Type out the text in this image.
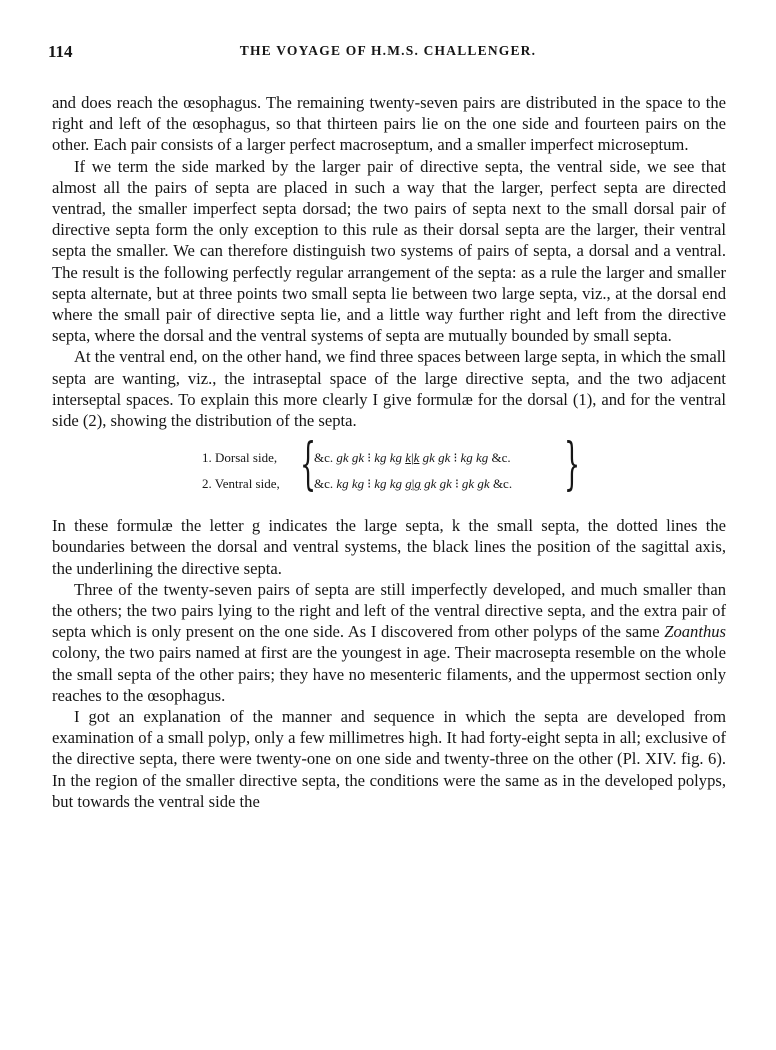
114	THE VOYAGE OF H.M.S. CHALLENGER.

and does reach the œsophagus. The remaining twenty-seven pairs are distributed in the space to the right and left of the œsophagus, so that thirteen pairs lie on the one side and fourteen pairs on the other. Each pair consists of a larger perfect macroseptum, and a smaller imperfect microseptum.

If we term the side marked by the larger pair of directive septa, the ventral side, we see that almost all the pairs of septa are placed in such a way that the larger, perfect septa are directed ventrad, the smaller imperfect septa dorsad; the two pairs of septa next to the small dorsal pair of directive septa form the only exception to this rule as their dorsal septa are the larger, their ventral septa the smaller. We can therefore distinguish two systems of pairs of septa, a dorsal and a ventral. The result is the following perfectly regular arrangement of the septa: as a rule the larger and smaller septa alternate, but at three points two small septa lie between two large septa, viz., at the dorsal end where the small pair of directive septa lie, and a little way further right and left from the directive septa, where the dorsal and the ventral systems of septa are mutually bounded by small septa.

At the ventral end, on the other hand, we find three spaces between large septa, in which the small septa are wanting, viz., the intraseptal space of the large directive septa, and the two adjacent interseptal spaces. To explain this more clearly I give formulæ for the dorsal (1), and for the ventral side (2), showing the distribution of the septa.

{	}
1. Dorsal side,	&c. gk gk ⁝ kg kg k|k gk gk ⁝ kg kg &c.
2. Ventral side,	&c. kg kg ⁝ kg kg g|g gk gk ⁝ gk gk &c.

In these formulæ the letter g indicates the large septa, k the small septa, the dotted lines the boundaries between the dorsal and ventral systems, the black lines the position of the sagittal axis, the underlining the directive septa.

Three of the twenty-seven pairs of septa are still imperfectly developed, and much smaller than the others; the two pairs lying to the right and left of the ventral directive septa, and the extra pair of septa which is only present on the one side. As I discovered from other polyps of the same Zoanthus colony, the two pairs named at first are the youngest in age. Their macrosepta resemble on the whole the small septa of the other pairs; they have no mesenteric filaments, and the uppermost section only reaches to the œsophagus.

I got an explanation of the manner and sequence in which the septa are developed from examination of a small polyp, only a few millimetres high. It had forty-eight septa in all; exclusive of the directive septa, there were twenty-one on one side and twenty-three on the other (Pl. XIV. fig. 6). In the region of the smaller directive septa, the conditions were the same as in the developed polyps, but towards the ventral side the
